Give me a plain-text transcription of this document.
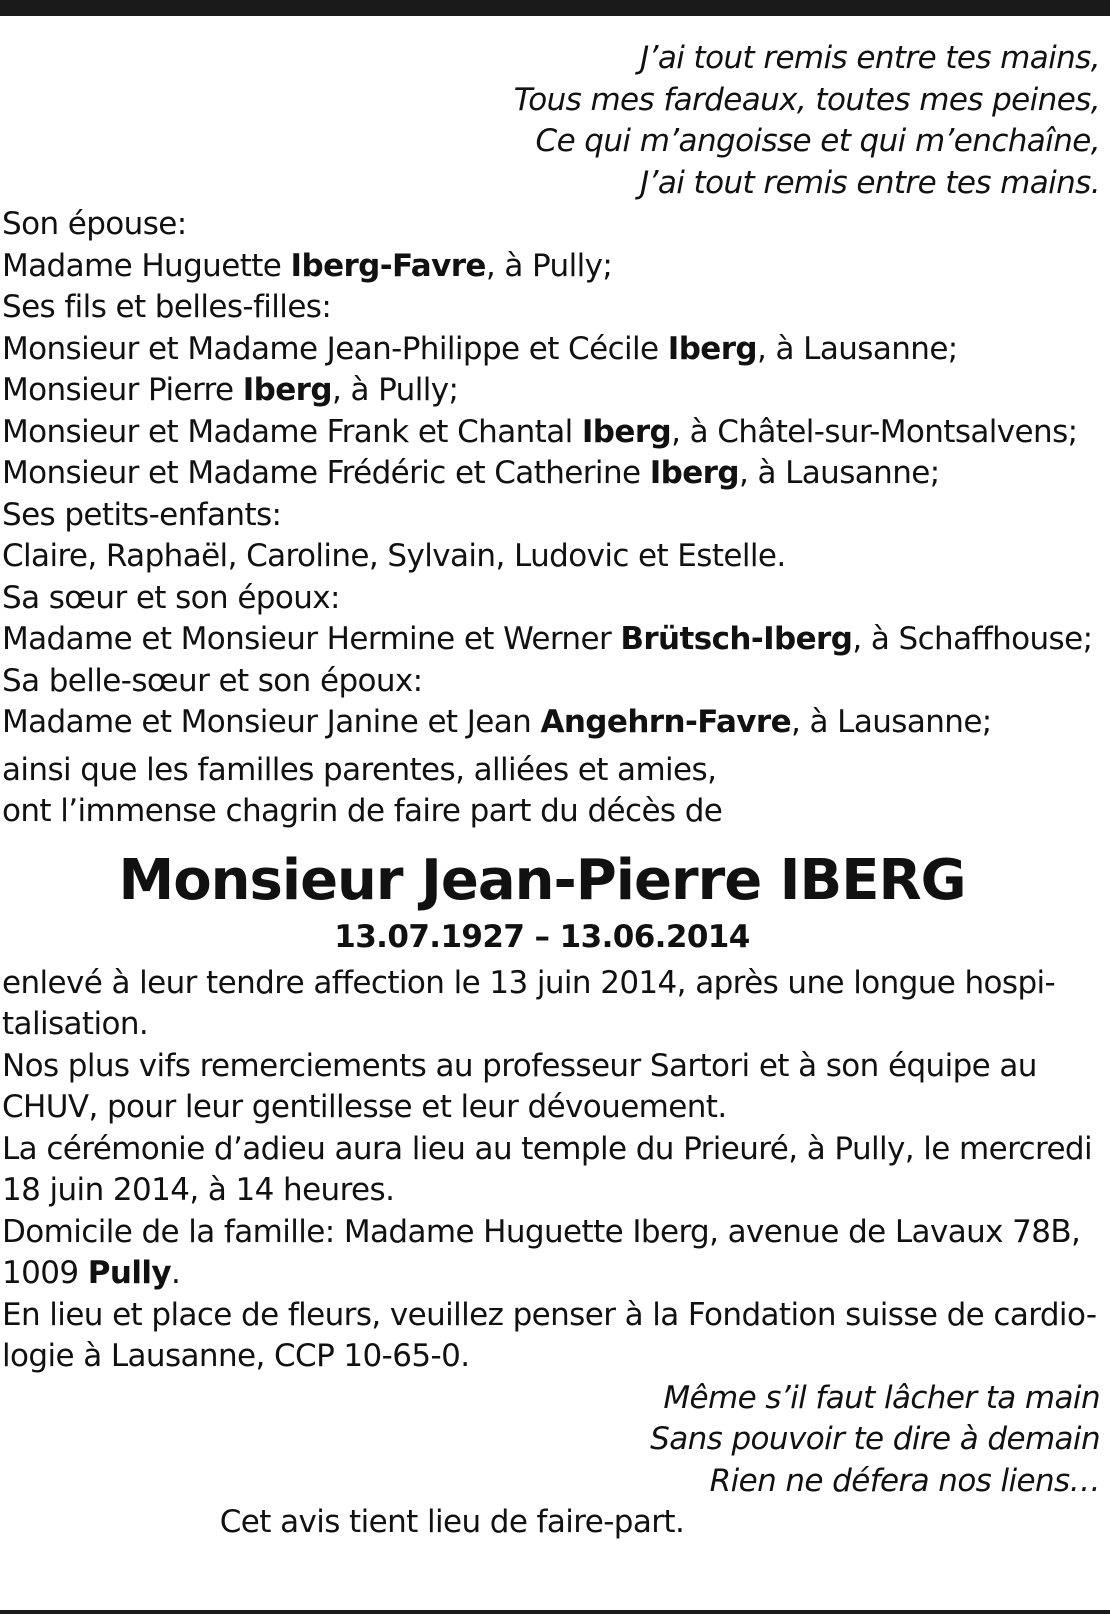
J’ai tout remis entre tes mains,
Tous mes fardeaux, toutes mes peines,
Ce qui m’angoisse et qui m’enchaîne,
J’ai tout remis entre tes mains.
Son épouse:
Madame Huguette Iberg-Favre, à Pully;
Ses fils et belles-filles:
Monsieur et Madame Jean-Philippe et Cécile Iberg, à Lausanne;
Monsieur Pierre Iberg, à Pully;
Monsieur et Madame Frank et Chantal Iberg, à Châtel-sur-Montsalvens;
Monsieur et Madame Frédéric et Catherine Iberg, à Lausanne;
Ses petits-enfants:
Claire, Raphaël, Caroline, Sylvain, Ludovic et Estelle.
Sa sœur et son époux:
Madame et Monsieur Hermine et Werner Brütsch-Iberg, à Schaffhouse;
Sa belle-sœur et son époux:
Madame et Monsieur Janine et Jean Angehrn-Favre, à Lausanne;
ainsi que les familles parentes, alliées et amies,
ont l’immense chagrin de faire part du décès de
Monsieur Jean-Pierre IBERG
13.07.1927 – 13.06.2014
enlevé à leur tendre affection le 13 juin 2014, après une longue hospi-
talisation.
Nos plus vifs remerciements au professeur Sartori et à son équipe au
CHUV, pour leur gentillesse et leur dévouement.
La cérémonie d’adieu aura lieu au temple du Prieuré, à Pully, le mercredi
18 juin 2014, à 14 heures.
Domicile de la famille: Madame Huguette Iberg, avenue de Lavaux 78B,
1009 Pully.
En lieu et place de fleurs, veuillez penser à la Fondation suisse de cardio-
logie à Lausanne, CCP 10-65-0.
Même s’il faut lâcher ta main
Sans pouvoir te dire à demain
Rien ne défera nos liens…
Cet avis tient lieu de faire-part.
